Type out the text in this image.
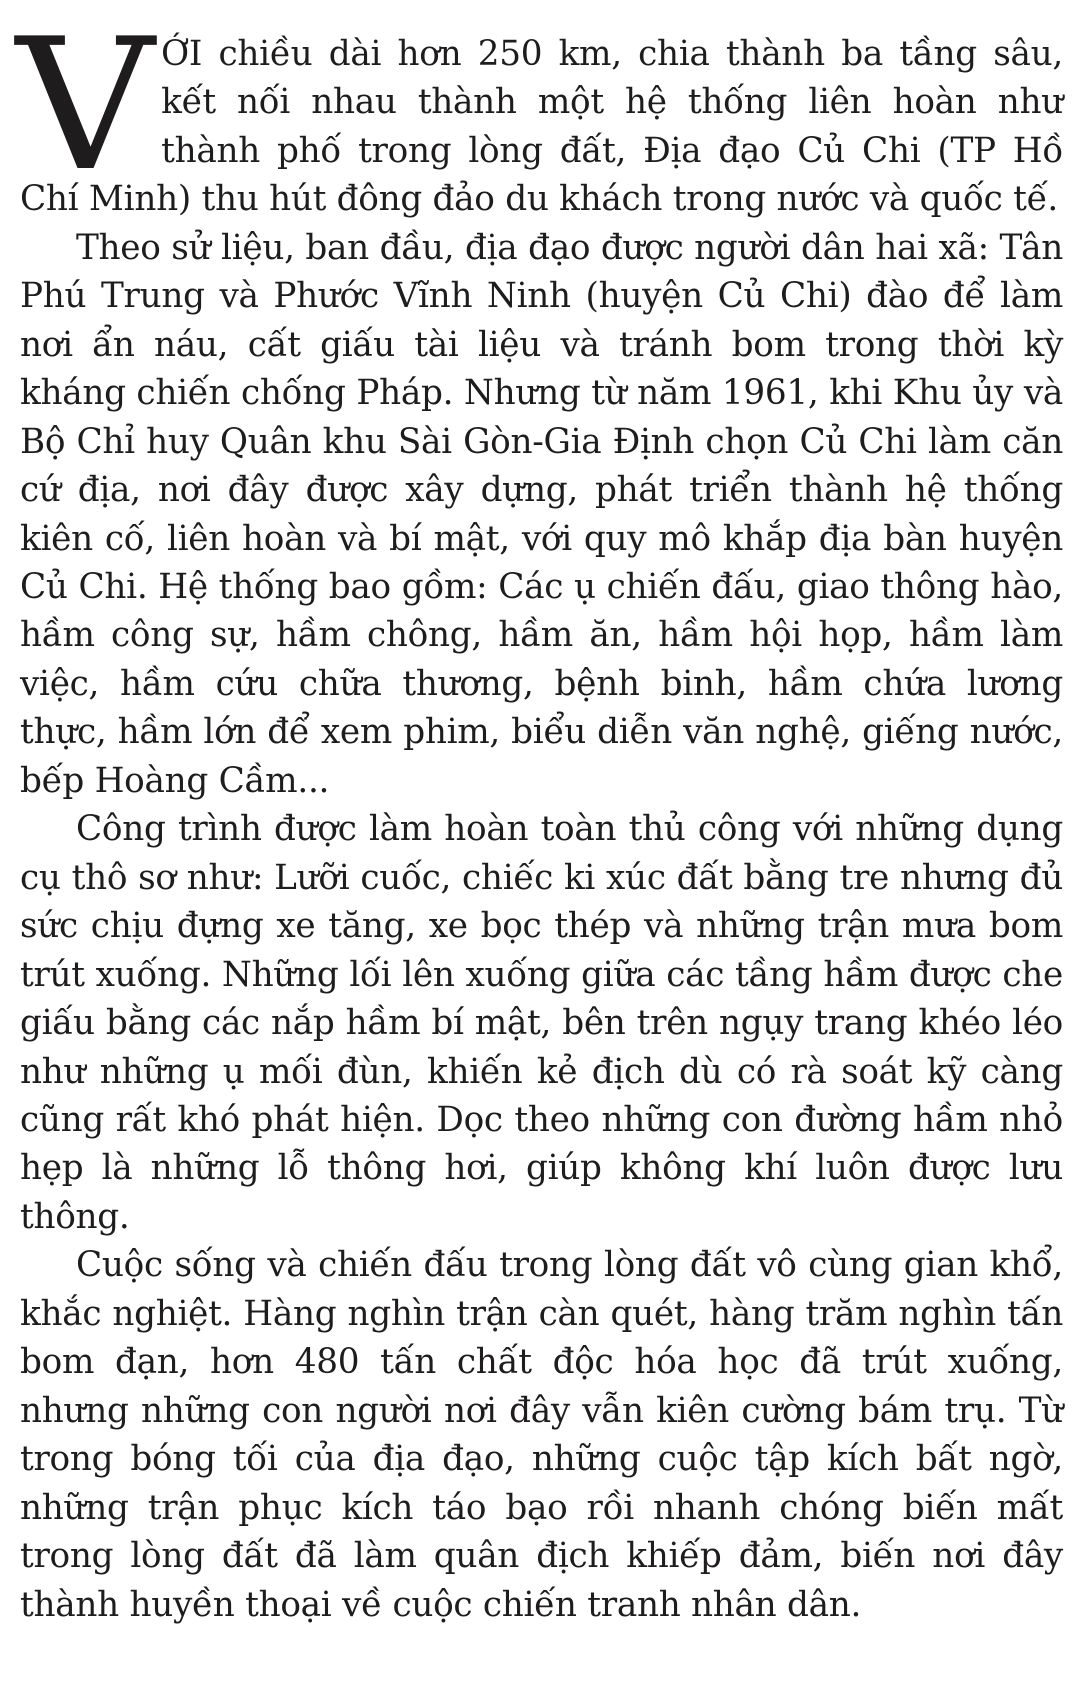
VỚI chiều dài hơn 250 km, chia thành ba tầng sâu, kết nối nhau thành một hệ thống liên hoàn như thành phố trong lòng đất, Địa đạo Củ Chi (TP Hồ Chí Minh) thu hút đông đảo du khách trong nước và quốc tế.

Theo sử liệu, ban đầu, địa đạo được người dân hai xã: Tân Phú Trung và Phước Vĩnh Ninh (huyện Củ Chi) đào để làm nơi ẩn náu, cất giấu tài liệu và tránh bom trong thời kỳ kháng chiến chống Pháp. Nhưng từ năm 1961, khi Khu ủy và Bộ Chỉ huy Quân khu Sài Gòn-Gia Định chọn Củ Chi làm căn cứ địa, nơi đây được xây dựng, phát triển thành hệ thống kiên cố, liên hoàn và bí mật, với quy mô khắp địa bàn huyện Củ Chi. Hệ thống bao gồm: Các ụ chiến đấu, giao thông hào, hầm công sự, hầm chông, hầm ăn, hầm hội họp, hầm làm việc, hầm cứu chữa thương, bệnh binh, hầm chứa lương thực, hầm lớn để xem phim, biểu diễn văn nghệ, giếng nước, bếp Hoàng Cầm...

Công trình được làm hoàn toàn thủ công với những dụng cụ thô sơ như: Lưỡi cuốc, chiếc ki xúc đất bằng tre nhưng đủ sức chịu đựng xe tăng, xe bọc thép và những trận mưa bom trút xuống. Những lối lên xuống giữa các tầng hầm được che giấu bằng các nắp hầm bí mật, bên trên ngụy trang khéo léo như những ụ mối đùn, khiến kẻ địch dù có rà soát kỹ càng cũng rất khó phát hiện. Dọc theo những con đường hầm nhỏ hẹp là những lỗ thông hơi, giúp không khí luôn được lưu thông.

Cuộc sống và chiến đấu trong lòng đất vô cùng gian khổ, khắc nghiệt. Hàng nghìn trận càn quét, hàng trăm nghìn tấn bom đạn, hơn 480 tấn chất độc hóa học đã trút xuống, nhưng những con người nơi đây vẫn kiên cường bám trụ. Từ trong bóng tối của địa đạo, những cuộc tập kích bất ngờ, những trận phục kích táo bạo rồi nhanh chóng biến mất trong lòng đất đã làm quân địch khiếp đảm, biến nơi đây thành huyền thoại về cuộc chiến tranh nhân dân.
